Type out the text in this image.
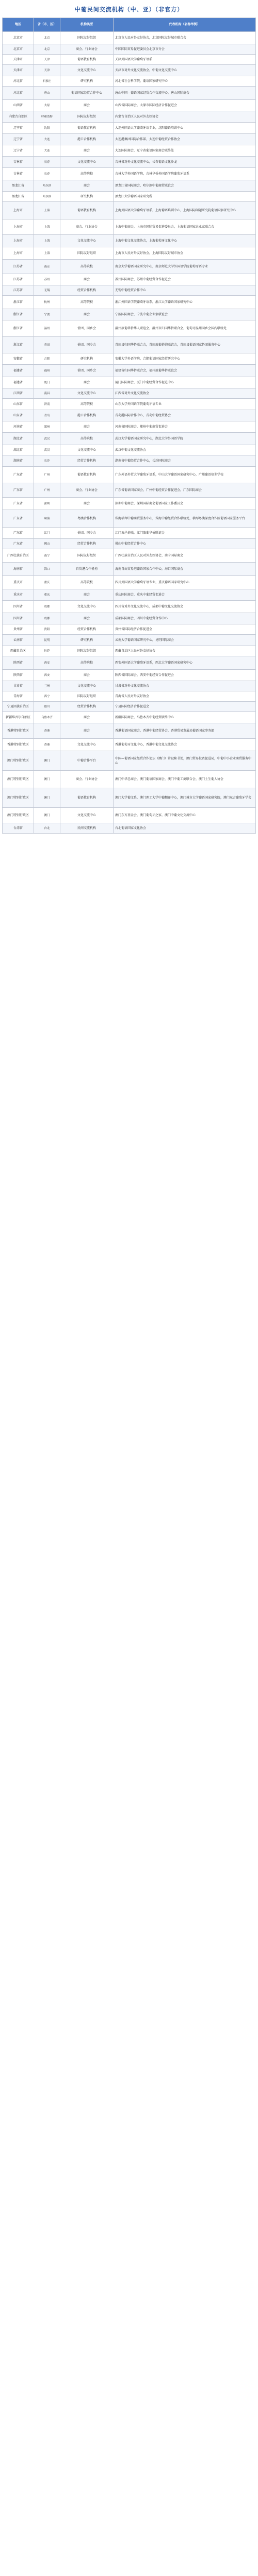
中葡民间交流机构（中、亚）（非官方）
地区	省（市、区）	机构类型	代表机构（名称举例）
北京市	北京	国际友好组织	北京市人民对外友好协会，北京国际友好城市联合会
北京市	北京	商会、行业协会	中国国际贸易促进委员会北京市分会
天津市	天津	葡语教育机构	天津外国语大学葡萄牙语系
天津市	天津	文化交流中心	天津市对外文化交流协会，中葡文化交流中心
河北省	石家庄	研究机构	河北省社会科学院，葡语国家研究中心
河北省	唐山	葡语国家经贸合作中心	唐山中国—葡语国家经贸合作交流中心，唐山国际商会
山西省	太原	商会	山西省国际商会，太原市国际经济合作促进会
内蒙古自治区	呼和浩特	国际友好组织	内蒙古自治区人民对外友好协会
辽宁省	沈阳	葡语教育机构	大连外国语大学葡萄牙语专业，沈阳葡语培训中心
辽宁省	大连	港口合作机构	大连港集团国际合作部，大连中葡经贸合作协会
辽宁省	大连	商会	大连国际商会，辽宁省葡语国家商会联络处
吉林省	长春	文化交流中心	吉林省对外文化交流中心，长春葡语文化沙龙
吉林省	长春	高等院校	吉林大学外国语学院，吉林华桥外国语学院葡萄牙语系
黑龙江省	哈尔滨	商会	黑龙江省国际商会，哈尔滨中葡商贸联谊会
黑龙江省	哈尔滨	研究机构	黑龙江大学葡语国家研究所
上海市	上海	葡语教育机构	上海外国语大学葡萄牙语系，上海葡语培训中心，上海国际问题研究院葡语国家研究中心
上海市	上海	商会、行业协会	上海中葡商会，上海市国际贸易促进委员会，上海葡语国家企业家联合会
上海市	上海	文化交流中心	上海中葡文化交流协会，上海葡萄牙文化中心
上海市	上海	国际友好组织	上海市人民对外友好协会，上海国际友好城市协会
江苏省	南京	高等院校	南京大学葡语国家研究中心，南京师范大学外国语学院葡萄牙语专业
江苏省	苏州	商会	苏州国际商会，苏州中葡经贸合作促进会
江苏省	无锡	经贸合作机构	无锡中葡经贸合作中心
浙江省	杭州	高等院校	浙江外国语学院葡萄牙语系，浙江大学葡语国家研究中心
浙江省	宁波	商会	宁波国际商会，宁波中葡企业家联谊会
浙江省	温州	侨团、同乡会	温州旅葡华侨华人联谊会，温州市归国华侨联合会，葡萄牙温州同乡会国内联络处
浙江省	青田	侨团、同乡会	青田县归国华侨联合会，青田旅葡侨胞联谊会，青田县葡语国家侨团服务中心
安徽省	合肥	研究机构	安徽大学外语学院，合肥葡语国家经贸研究中心
福建省	福州	侨团、同乡会	福建省归国华侨联合会，福州旅葡华侨联谊会
福建省	厦门	商会	厦门国际商会，厦门中葡经贸合作促进中心
江西省	南昌	文化交流中心	江西省对外文化交流协会
山东省	济南	高等院校	山东大学外国语学院葡萄牙语专业
山东省	青岛	港口合作机构	青岛港国际合作中心，青岛中葡经贸协会
河南省	郑州	商会	河南省国际商会，郑州中葡商贸促进会
湖北省	武汉	高等院校	武汉大学葡语国家研究中心，湖北大学外国语学院
湖北省	武汉	文化交流中心	武汉中葡文化交流协会
湖南省	长沙	经贸合作机构	湖南省中葡经贸合作中心，长沙国际商会
广东省	广州	葡语教育机构	广东外语外贸大学葡萄牙语系，中山大学葡语国家研究中心，广州葡语培训学校
广东省	广州	商会、行业协会	广东省葡语国家商会，广州中葡经贸合作促进会，广东国际商会
广东省	深圳	商会	深圳中葡商会，深圳国际商会葡语国家工作委员会
广东省	珠海	粤澳合作机构	珠海横琴中葡商贸服务中心，珠海中葡经贸合作联络处，横琴粤澳深度合作区葡语国家服务平台
广东省	江门	侨团、同乡会	江门五邑侨联，江门旅葡华侨联谊会
广东省	佛山	经贸合作机构	佛山中葡经贸合作中心
广西壮族自治区	南宁	国际友好组织	广西壮族自治区人民对外友好协会，南宁国际商会
海南省	海口	自贸港合作机构	海南自由贸易港葡语国家合作中心，海口国际商会
重庆市	重庆	高等院校	四川外国语大学葡萄牙语专业，重庆葡语国家研究中心
重庆市	重庆	商会	重庆国际商会，重庆中葡经贸促进会
四川省	成都	文化交流中心	四川省对外文化交流中心，成都中葡文化交流协会
四川省	成都	商会	成都国际商会，四川中葡经贸合作中心
贵州省	贵阳	经贸合作机构	贵州省国际经济合作促进会
云南省	昆明	研究机构	云南大学葡语国家研究中心，昆明国际商会
西藏自治区	拉萨	国际友好组织	西藏自治区人民对外友好协会
陕西省	西安	高等院校	西安外国语大学葡萄牙语系，西北大学葡语国家研究中心
陕西省	西安	商会	陕西省国际商会，西安中葡经贸合作促进会
甘肃省	兰州	文化交流中心	甘肃省对外文化交流协会
青海省	西宁	国际友好组织	青海省人民对外友好协会
宁夏回族自治区	银川	经贸合作机构	宁夏国际经济合作促进会
新疆维吾尔自治区	乌鲁木齐	商会	新疆国际商会，乌鲁木齐中葡经贸联络中心
香港特别行政区	香港	商会	香港葡语国家商会，香港中葡经贸协会，香港贸易发展局葡语国家事务部
香港特别行政区	香港	文化交流中心	香港葡萄牙文化中心，香港中葡文化交流协会
澳门特别行政区	澳门	中葡合作平台	中国—葡语国家经贸合作论坛（澳门）常设秘书处，澳门贸易投资促进局，中葡中小企业商贸服务中心
澳门特别行政区	澳门	商会、行业协会	澳门中华总商会，澳门葡语国家商会，澳门中葡工商联合会，澳门土生葡人协会
澳门特别行政区	澳门	葡语教育机构	澳门大学葡文系，澳门理工大学中葡翻译中心，澳门城市大学葡语国家研究院，澳门东方葡萄牙学会
澳门特别行政区	澳门	文化交流中心	澳门东方基金会，澳门葡萄牙之家，澳门中葡文化交流中心
台湾省	台北	民间交流机构	台北葡语国家文化协会
